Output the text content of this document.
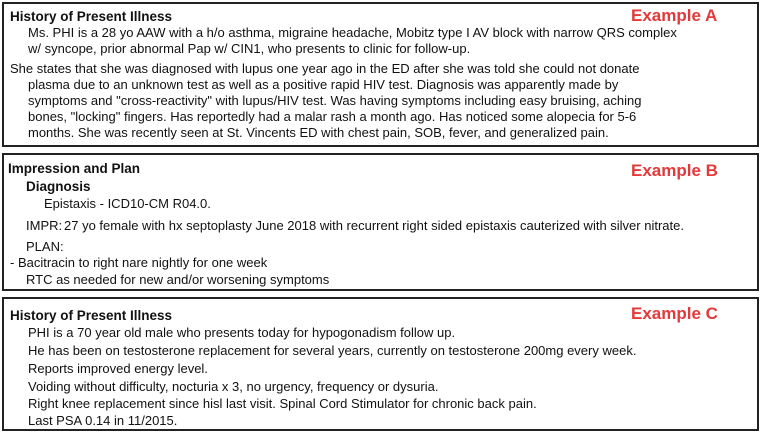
History of Present Illness	Example A
Ms. PHI is a 28 yo AAW with a h/o asthma, migraine headache, Mobitz type I AV block with narrow QRS complex
w/ syncope, prior abnormal Pap w/ CIN1, who presents to clinic for follow-up.
She states that she was diagnosed with lupus one year ago in the ED after she was told she could not donate
plasma due to an unknown test as well as a positive rapid HIV test. Diagnosis was apparently made by
symptoms and "cross-reactivity" with lupus/HIV test. Was having symptoms including easy bruising, aching
bones, "locking" fingers. Has reportedly had a malar rash a month ago. Has noticed some alopecia for 5-6
months. She was recently seen at St. Vincents ED with chest pain, SOB, fever, and generalized pain.
Impression and Plan	Example B
Diagnosis
Epistaxis - ICD10-CM R04.0.
IMPR: 27 yo female with hx septoplasty June 2018 with recurrent right sided epistaxis cauterized with silver nitrate.
PLAN:
- Bacitracin to right nare nightly for one week
RTC as needed for new and/or worsening symptoms
History of Present Illness	Example C
PHI is a 70 year old male who presents today for hypogonadism follow up.
He has been on testosterone replacement for several years, currently on testosterone 200mg every week.
Reports improved energy level.
Voiding without difficulty, nocturia x 3, no urgency, frequency or dysuria.
Right knee replacement since hisl last visit. Spinal Cord Stimulator for chronic back pain.
Last PSA 0.14 in 11/2015.
